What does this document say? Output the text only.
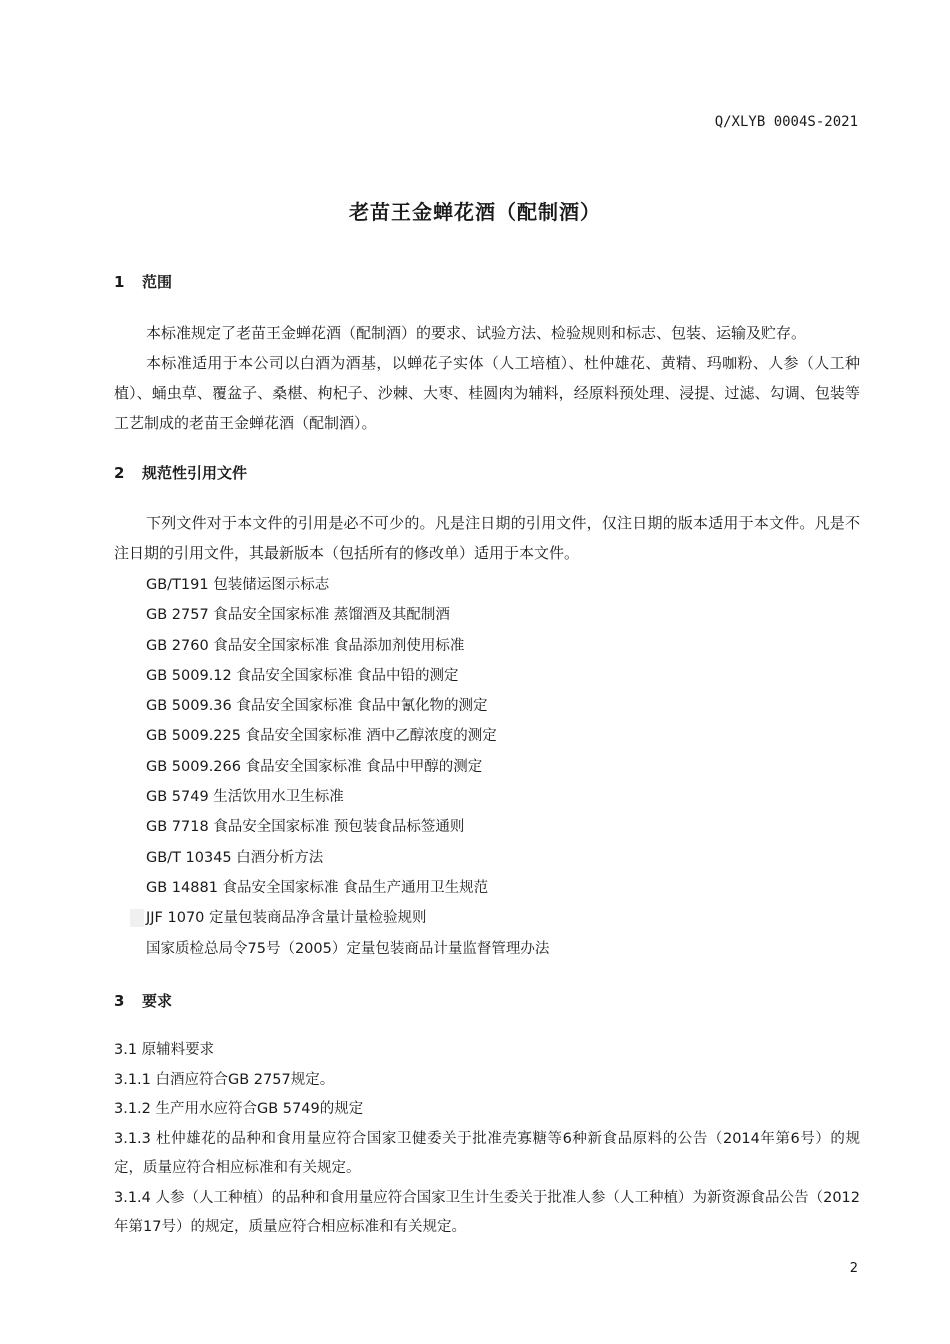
Q/XLYB 0004S-2021
老苗王金蝉花酒（配制酒）
1 范围
本标准规定了老苗王金蝉花酒（配制酒）的要求、试验方法、检验规则和标志、包装、运输及贮存。
本标准适用于本公司以白酒为酒基，以蝉花子实体（人工培植）、杜仲雄花、黄精、玛咖粉、人参（人工种植）、蛹虫草、覆盆子、桑椹、枸杞子、沙棘、大枣、桂圆肉为辅料，经原料预处理、浸提、过滤、勾调、包装等工艺制成的老苗王金蝉花酒（配制酒）。
2 规范性引用文件
下列文件对于本文件的引用是必不可少的。凡是注日期的引用文件，仅注日期的版本适用于本文件。凡是不注日期的引用文件，其最新版本（包括所有的修改单）适用于本文件。
GB/T191 包装储运图示标志
GB 2757 食品安全国家标准 蒸馏酒及其配制酒
GB 2760 食品安全国家标准 食品添加剂使用标准
GB 5009.12 食品安全国家标准 食品中铅的测定
GB 5009.36 食品安全国家标准 食品中氰化物的测定
GB 5009.225 食品安全国家标准 酒中乙醇浓度的测定
GB 5009.266 食品安全国家标准 食品中甲醇的测定
GB 5749 生活饮用水卫生标准
GB 7718 食品安全国家标准 预包装食品标签通则
GB/T 10345 白酒分析方法
GB 14881 食品安全国家标准 食品生产通用卫生规范
JJF 1070 定量包装商品净含量计量检验规则
国家质检总局令75号（2005）定量包装商品计量监督管理办法
3 要求
3.1 原辅料要求
3.1.1 白酒应符合GB 2757规定。
3.1.2 生产用水应符合GB 5749的规定
3.1.3 杜仲雄花的品种和食用量应符合国家卫健委关于批准壳寡糖等6种新食品原料的公告（2014年第6号）的规定，质量应符合相应标准和有关规定。
3.1.4 人参（人工种植）的品种和食用量应符合国家卫生计生委关于批准人参（人工种植）为新资源食品公告（2012年第17号）的规定，质量应符合相应标准和有关规定。
2
